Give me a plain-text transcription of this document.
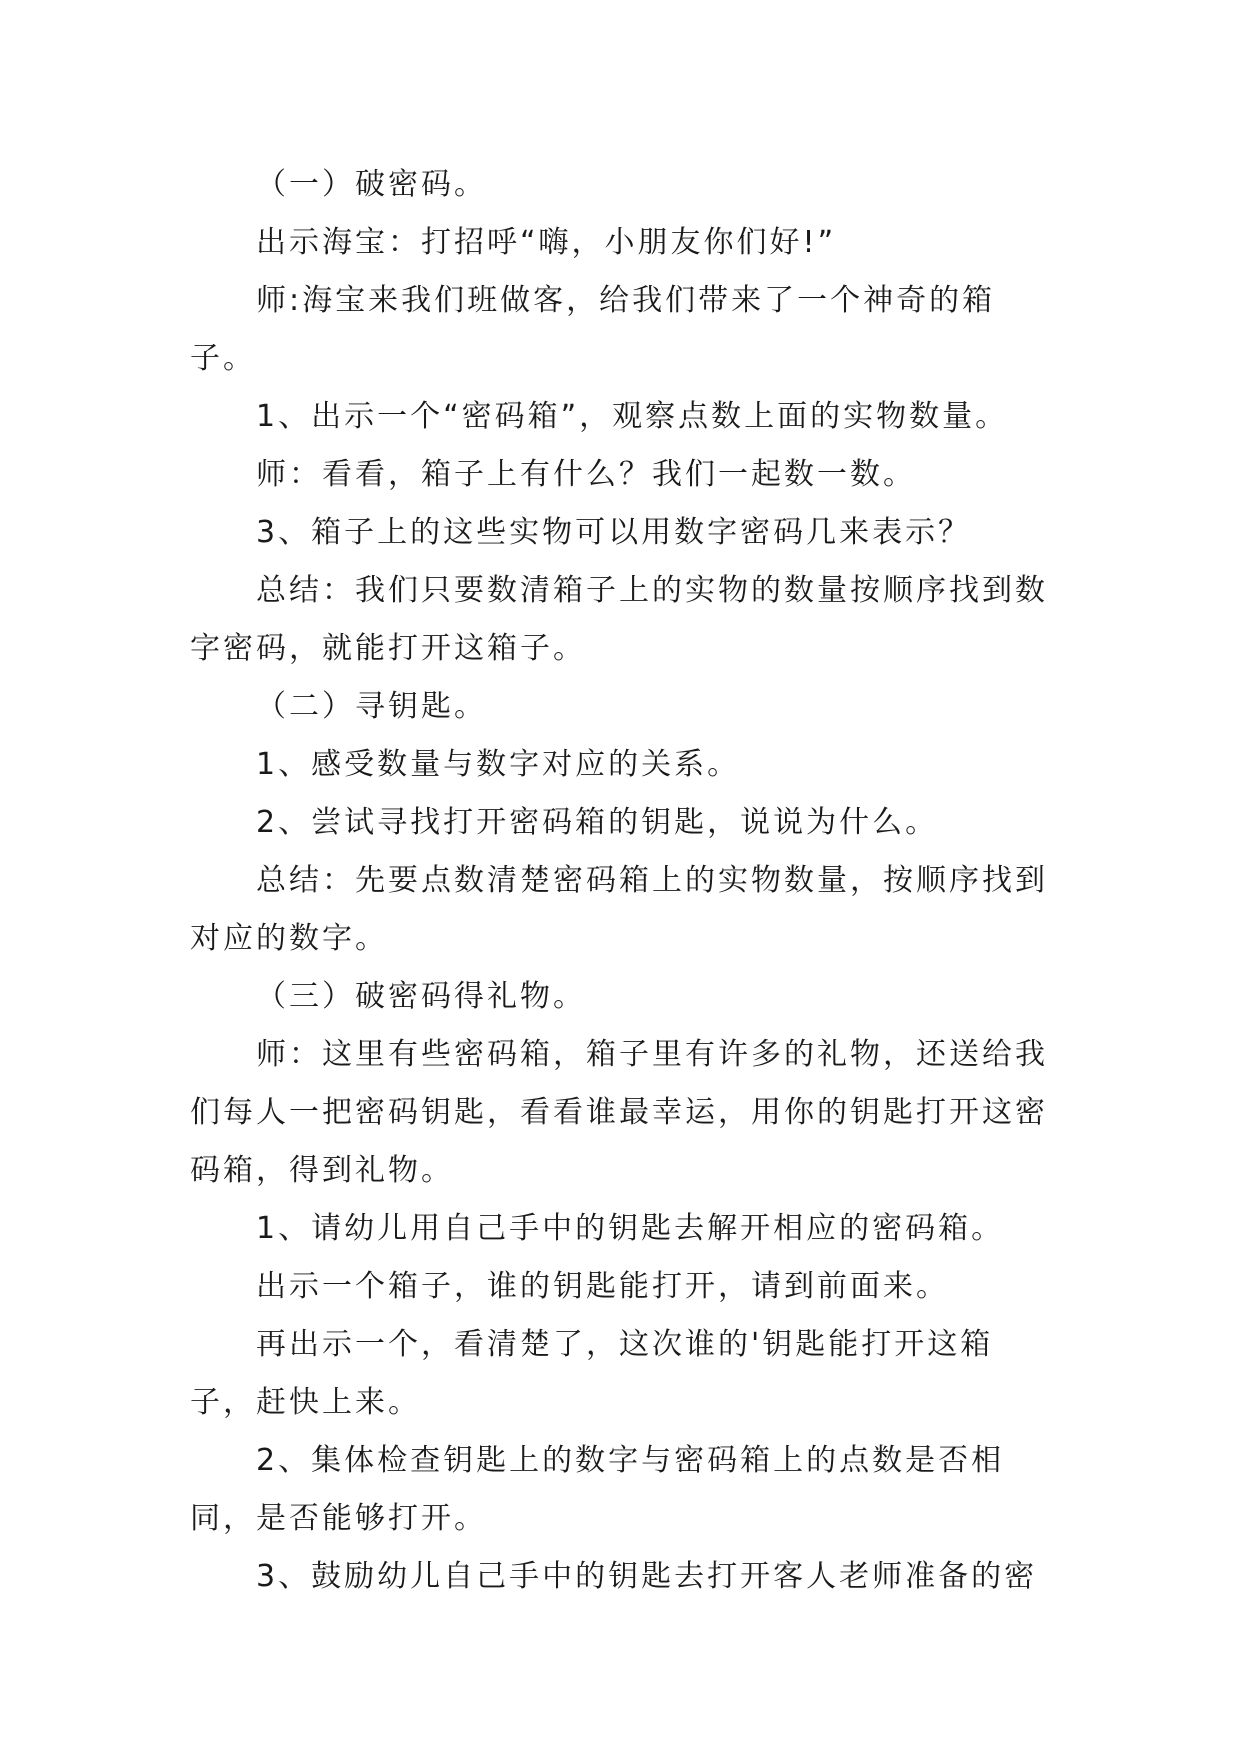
（一）破密码。

出示海宝：打招呼“嗨，小朋友你们好!”

师:海宝来我们班做客，给我们带来了一个神奇的箱子。

1、出示一个“密码箱”，观察点数上面的实物数量。

师：看看，箱子上有什么？我们一起数一数。

3、箱子上的这些实物可以用数字密码几来表示？

总结：我们只要数清箱子上的实物的数量按顺序找到数字密码，就能打开这箱子。

（二）寻钥匙。

1、感受数量与数字对应的关系。

2、尝试寻找打开密码箱的钥匙，说说为什么。

总结：先要点数清楚密码箱上的实物数量，按顺序找到对应的数字。

（三）破密码得礼物。

师：这里有些密码箱，箱子里有许多的礼物，还送给我们每人一把密码钥匙，看看谁最幸运，用你的钥匙打开这密码箱，得到礼物。

1、请幼儿用自己手中的钥匙去解开相应的密码箱。

出示一个箱子，谁的钥匙能打开，请到前面来。

再出示一个，看清楚了，这次谁的'钥匙能打开这箱子，赶快上来。

2、集体检查钥匙上的数字与密码箱上的点数是否相同，是否能够打开。

3、鼓励幼儿自己手中的钥匙去打开客人老师准备的密
